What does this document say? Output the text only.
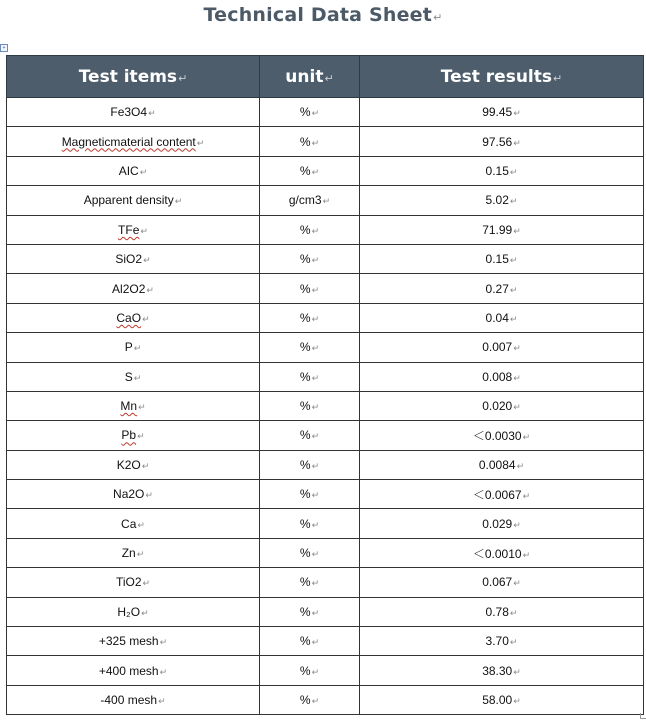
Technical Data Sheet↵
+
Test items↵	unit↵	Test results↵
Fe3O4↵	%↵	99.45↵
Magneticmaterial content↵	%↵	97.56↵
AIC↵	%↵	0.15↵
Apparent density↵	g/cm3↵	5.02↵
TFe↵	%↵	71.99↵
SiO2↵	%↵	0.15↵
Al2O2↵	%↵	0.27↵
CaO↵	%↵	0.04↵
P↵	%↵	0.007↵
S↵	%↵	0.008↵
Mn↵	%↵	0.020↵
Pb↵	%↵	＜0.0030↵
K2O↵	%↵	0.0084↵
Na2O↵	%↵	＜0.0067↵
Ca↵	%↵	0.029↵
Zn↵	%↵	＜0.0010↵
TiO2↵	%↵	0.067↵
H₂O↵	%↵	0.78↵
+325 mesh↵	%↵	3.70↵
+400 mesh↵	%↵	38.30↵
-400 mesh↵	%↵	58.00↵
